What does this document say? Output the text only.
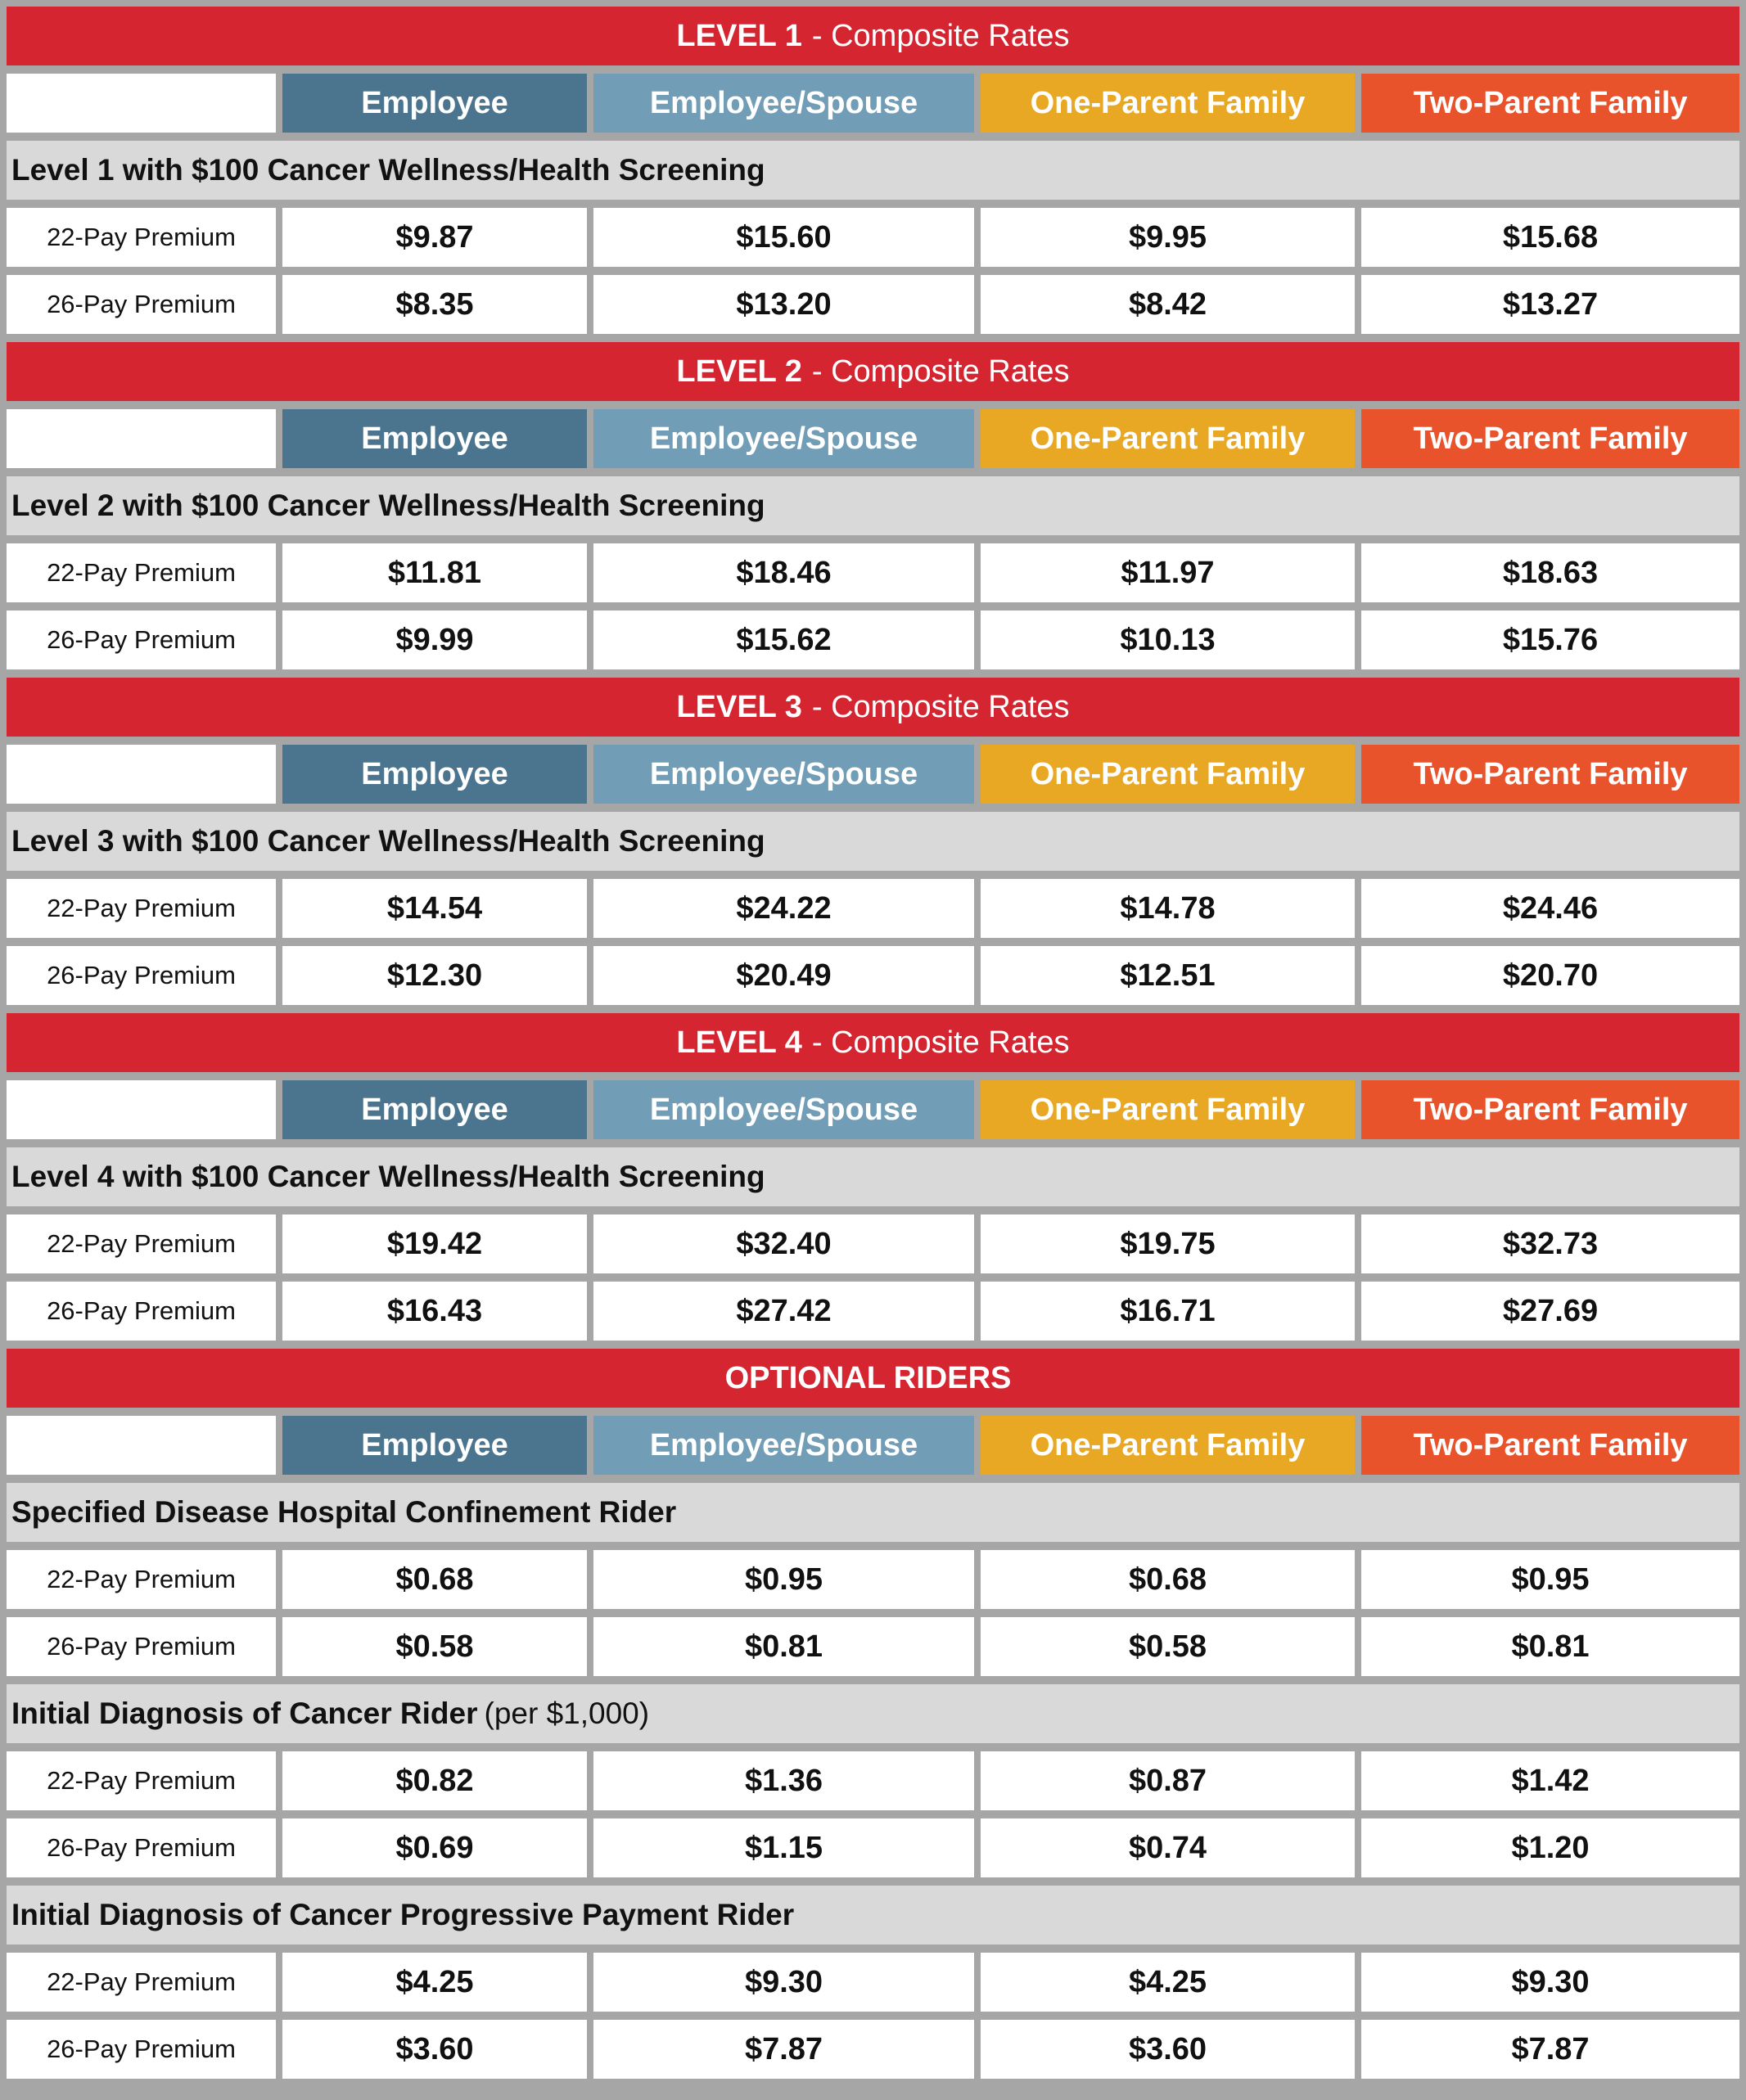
LEVEL 1 - Composite Rates
Employee	Employee/Spouse	One-Parent Family	Two-Parent Family
Level 1 with $100 Cancer Wellness/Health Screening
22-Pay Premium	$9.87	$15.60	$9.95	$15.68
26-Pay Premium	$8.35	$13.20	$8.42	$13.27
LEVEL 2 - Composite Rates
Employee	Employee/Spouse	One-Parent Family	Two-Parent Family
Level 2 with $100 Cancer Wellness/Health Screening
22-Pay Premium	$11.81	$18.46	$11.97	$18.63
26-Pay Premium	$9.99	$15.62	$10.13	$15.76
LEVEL 3 - Composite Rates
Employee	Employee/Spouse	One-Parent Family	Two-Parent Family
Level 3 with $100 Cancer Wellness/Health Screening
22-Pay Premium	$14.54	$24.22	$14.78	$24.46
26-Pay Premium	$12.30	$20.49	$12.51	$20.70
LEVEL 4 - Composite Rates
Employee	Employee/Spouse	One-Parent Family	Two-Parent Family
Level 4 with $100 Cancer Wellness/Health Screening
22-Pay Premium	$19.42	$32.40	$19.75	$32.73
26-Pay Premium	$16.43	$27.42	$16.71	$27.69
OPTIONAL RIDERS
Employee	Employee/Spouse	One-Parent Family	Two-Parent Family
Specified Disease Hospital Confinement Rider
22-Pay Premium	$0.68	$0.95	$0.68	$0.95
26-Pay Premium	$0.58	$0.81	$0.58	$0.81
Initial Diagnosis of Cancer Rider (per $1,000)
22-Pay Premium	$0.82	$1.36	$0.87	$1.42
26-Pay Premium	$0.69	$1.15	$0.74	$1.20
Initial Diagnosis of Cancer Progressive Payment Rider
22-Pay Premium	$4.25	$9.30	$4.25	$9.30
26-Pay Premium	$3.60	$7.87	$3.60	$7.87
